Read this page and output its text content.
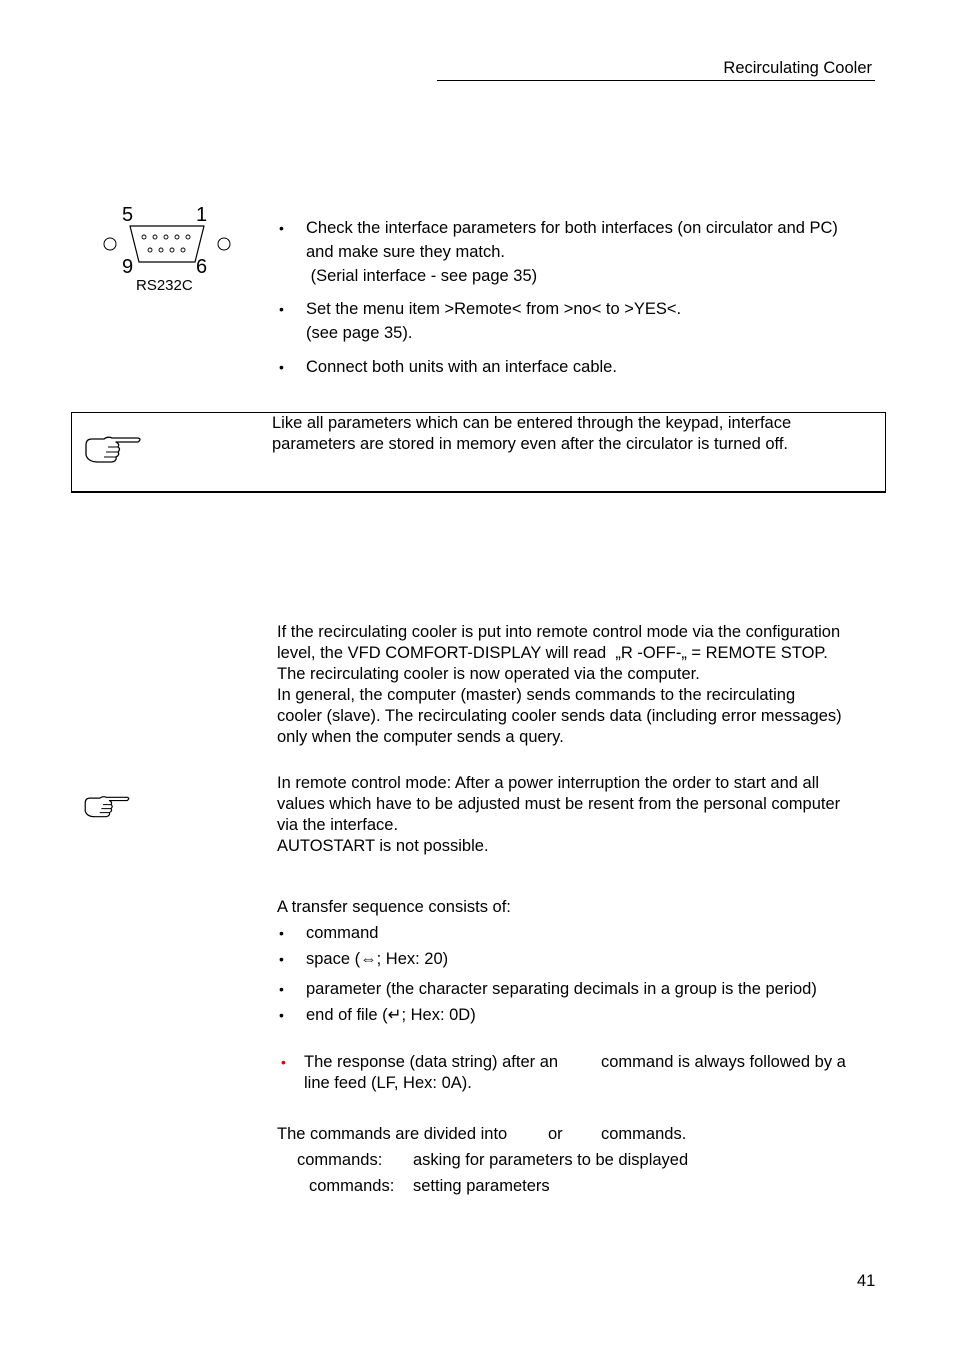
Recirculating Cooler
5	1
9	6
RS232C
• Check the interface parameters for both interfaces (on circulator and PC)
and make sure they match.
(Serial interface - see page 35)
• Set the menu item >Remote< from >no< to >YES<.
(see page 35).
• Connect both units with an interface cable.
Like all parameters which can be entered through the keypad, interface
parameters are stored in memory even after the circulator is turned off.
If the recirculating cooler is put into remote control mode via the configuration
level, the VFD COMFORT-DISPLAY will read  „R -OFF-„ = REMOTE STOP.
The recirculating cooler is now operated via the computer.
In general, the computer (master) sends commands to the recirculating
cooler (slave). The recirculating cooler sends data (including error messages)
only when the computer sends a query.
In remote control mode: After a power interruption the order to start and all
values which have to be adjusted must be resent from the personal computer
via the interface.
AUTOSTART is not possible.
A transfer sequence consists of:
• command
• space (⇔; Hex: 20)
• parameter (the character separating decimals in a group is the period)
• end of file (↵; Hex: 0D)
• The response (data string) after an	command is always followed by a
line feed (LF, Hex: 0A).
The commands are divided into or commands.
commands: asking for parameters to be displayed
commands: setting parameters
41
